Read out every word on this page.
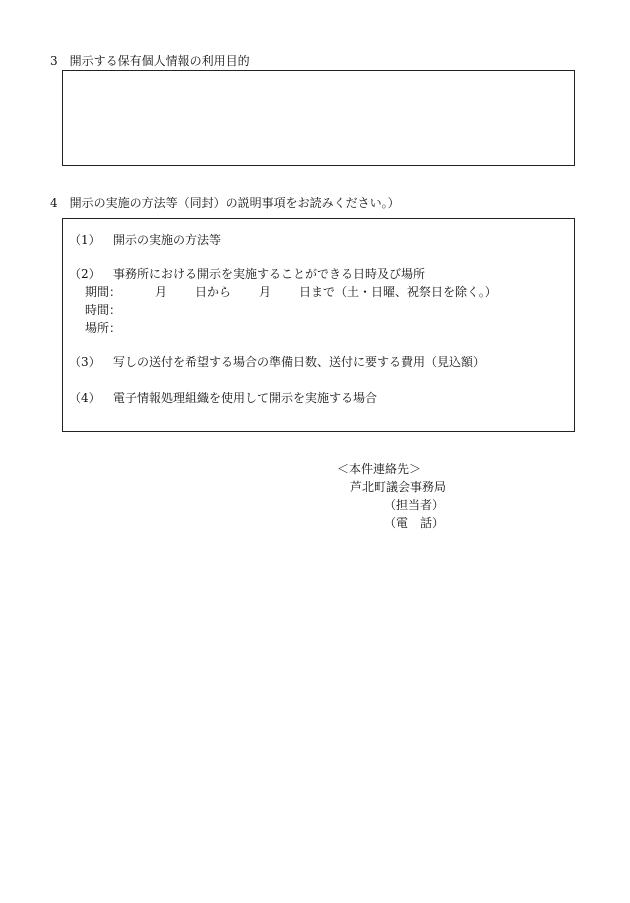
3　開示する保有個人情報の利用目的
4　開示の実施の方法等（同封）の説明事項をお読みください。）
（1） 開示の実施の方法等
（2） 事務所における開示を実施することができる日時及び場所
期間：	月 日から 月 日まで（土・日曜、祝祭日を除く。）
時間：
場所：
（3） 写しの送付を希望する場合の準備日数、送付に要する費用（見込額）
（4） 電子情報処理組織を使用して開示を実施する場合
＜本件連絡先＞
芦北町議会事務局
（担当者）
（電　話）
